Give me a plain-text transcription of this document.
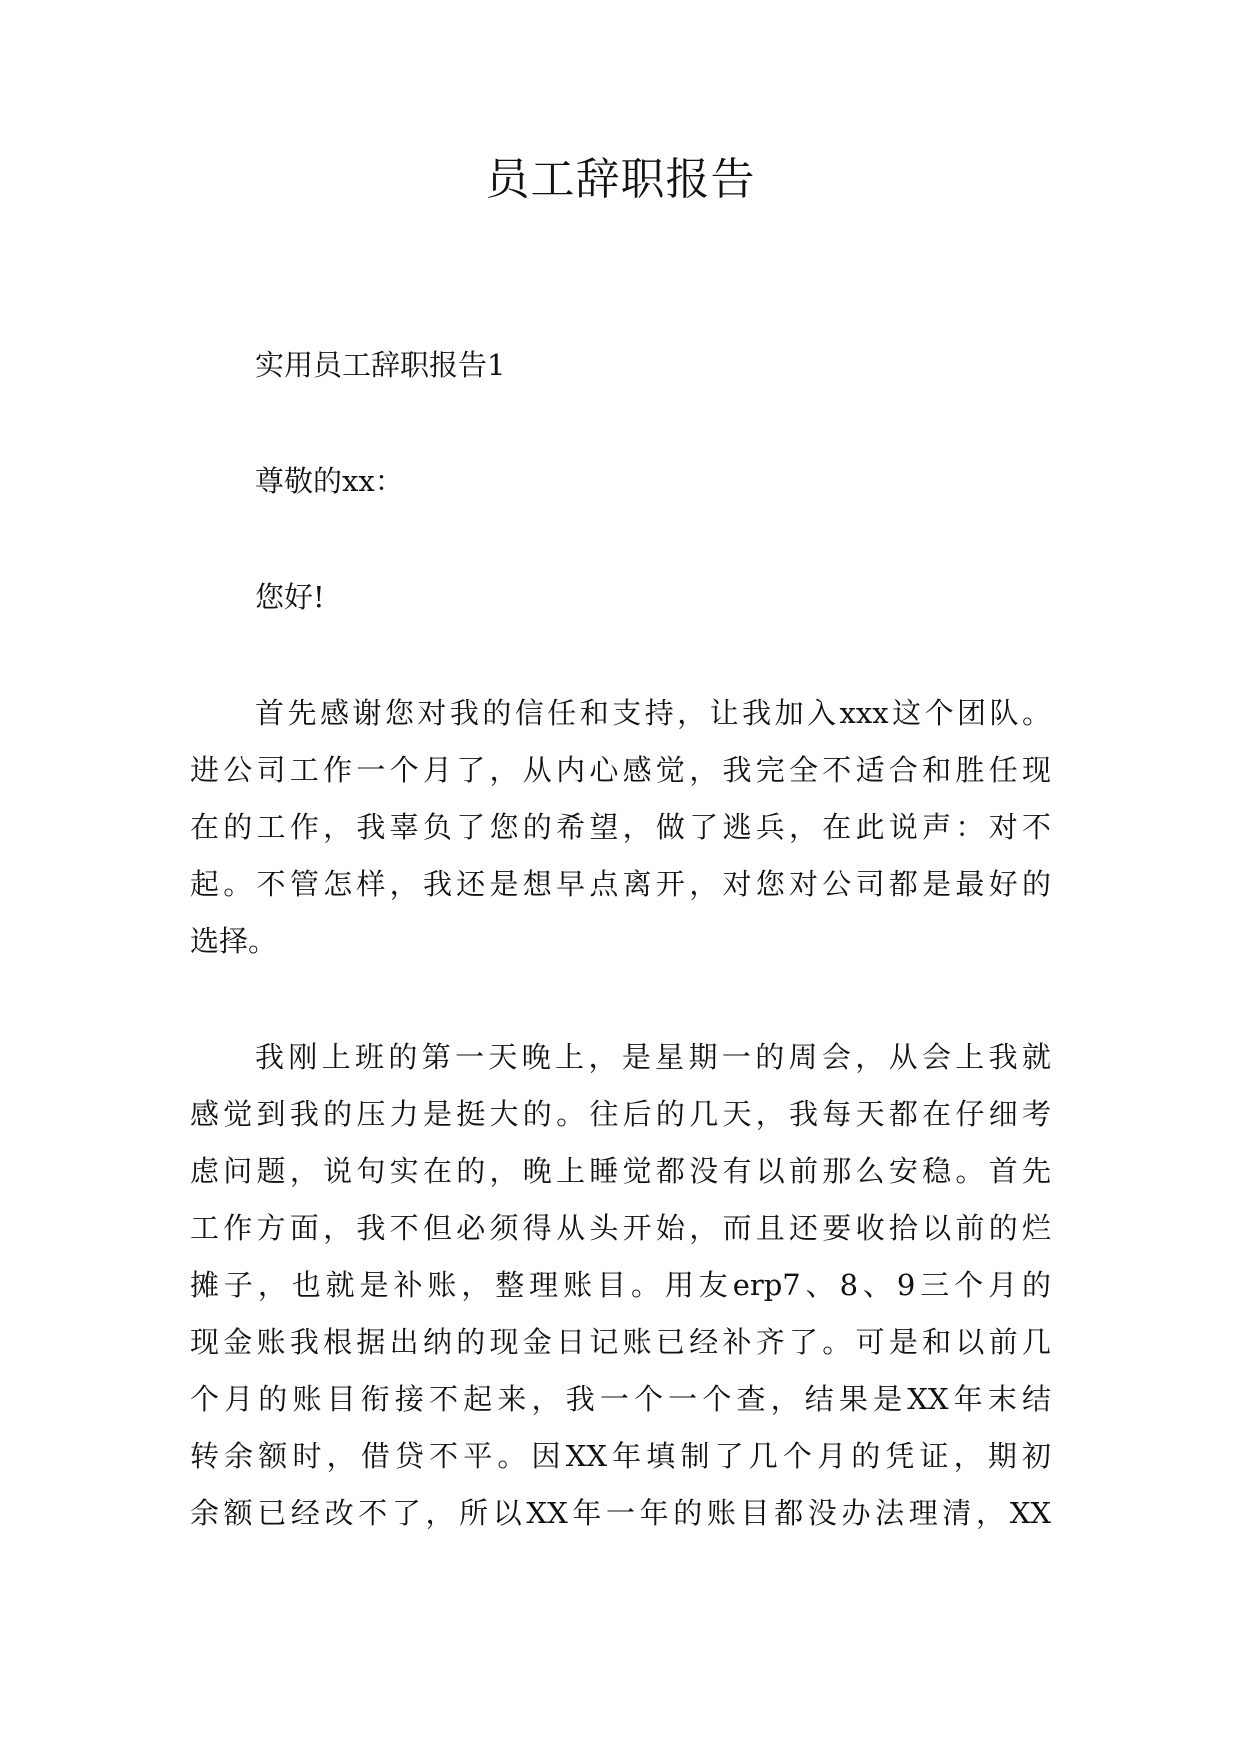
员工辞职报告

实用员工辞职报告1

尊敬的xx：

您好!

首先感谢您对我的信任和支持，让我加入xxx这个团队。

进公司工作一个月了，从内心感觉，我完全不适合和胜任现

在的工作，我辜负了您的希望，做了逃兵，在此说声：对不

起。不管怎样，我还是想早点离开，对您对公司都是最好的

选择。

我刚上班的第一天晚上，是星期一的周会，从会上我就

感觉到我的压力是挺大的。往后的几天，我每天都在仔细考

虑问题，说句实在的，晚上睡觉都没有以前那么安稳。首先

工作方面，我不但必须得从头开始，而且还要收拾以前的烂

摊子，也就是补账，整理账目。用友erp7、8、9三个月的

现金账我根据出纳的现金日记账已经补齐了。可是和以前几

个月的账目衔接不起来，我一个一个查，结果是XX年末结

转余额时，借贷不平。因XX年填制了几个月的凭证，期初

余额已经改不了，所以XX年一年的账目都没办法理清，XX
